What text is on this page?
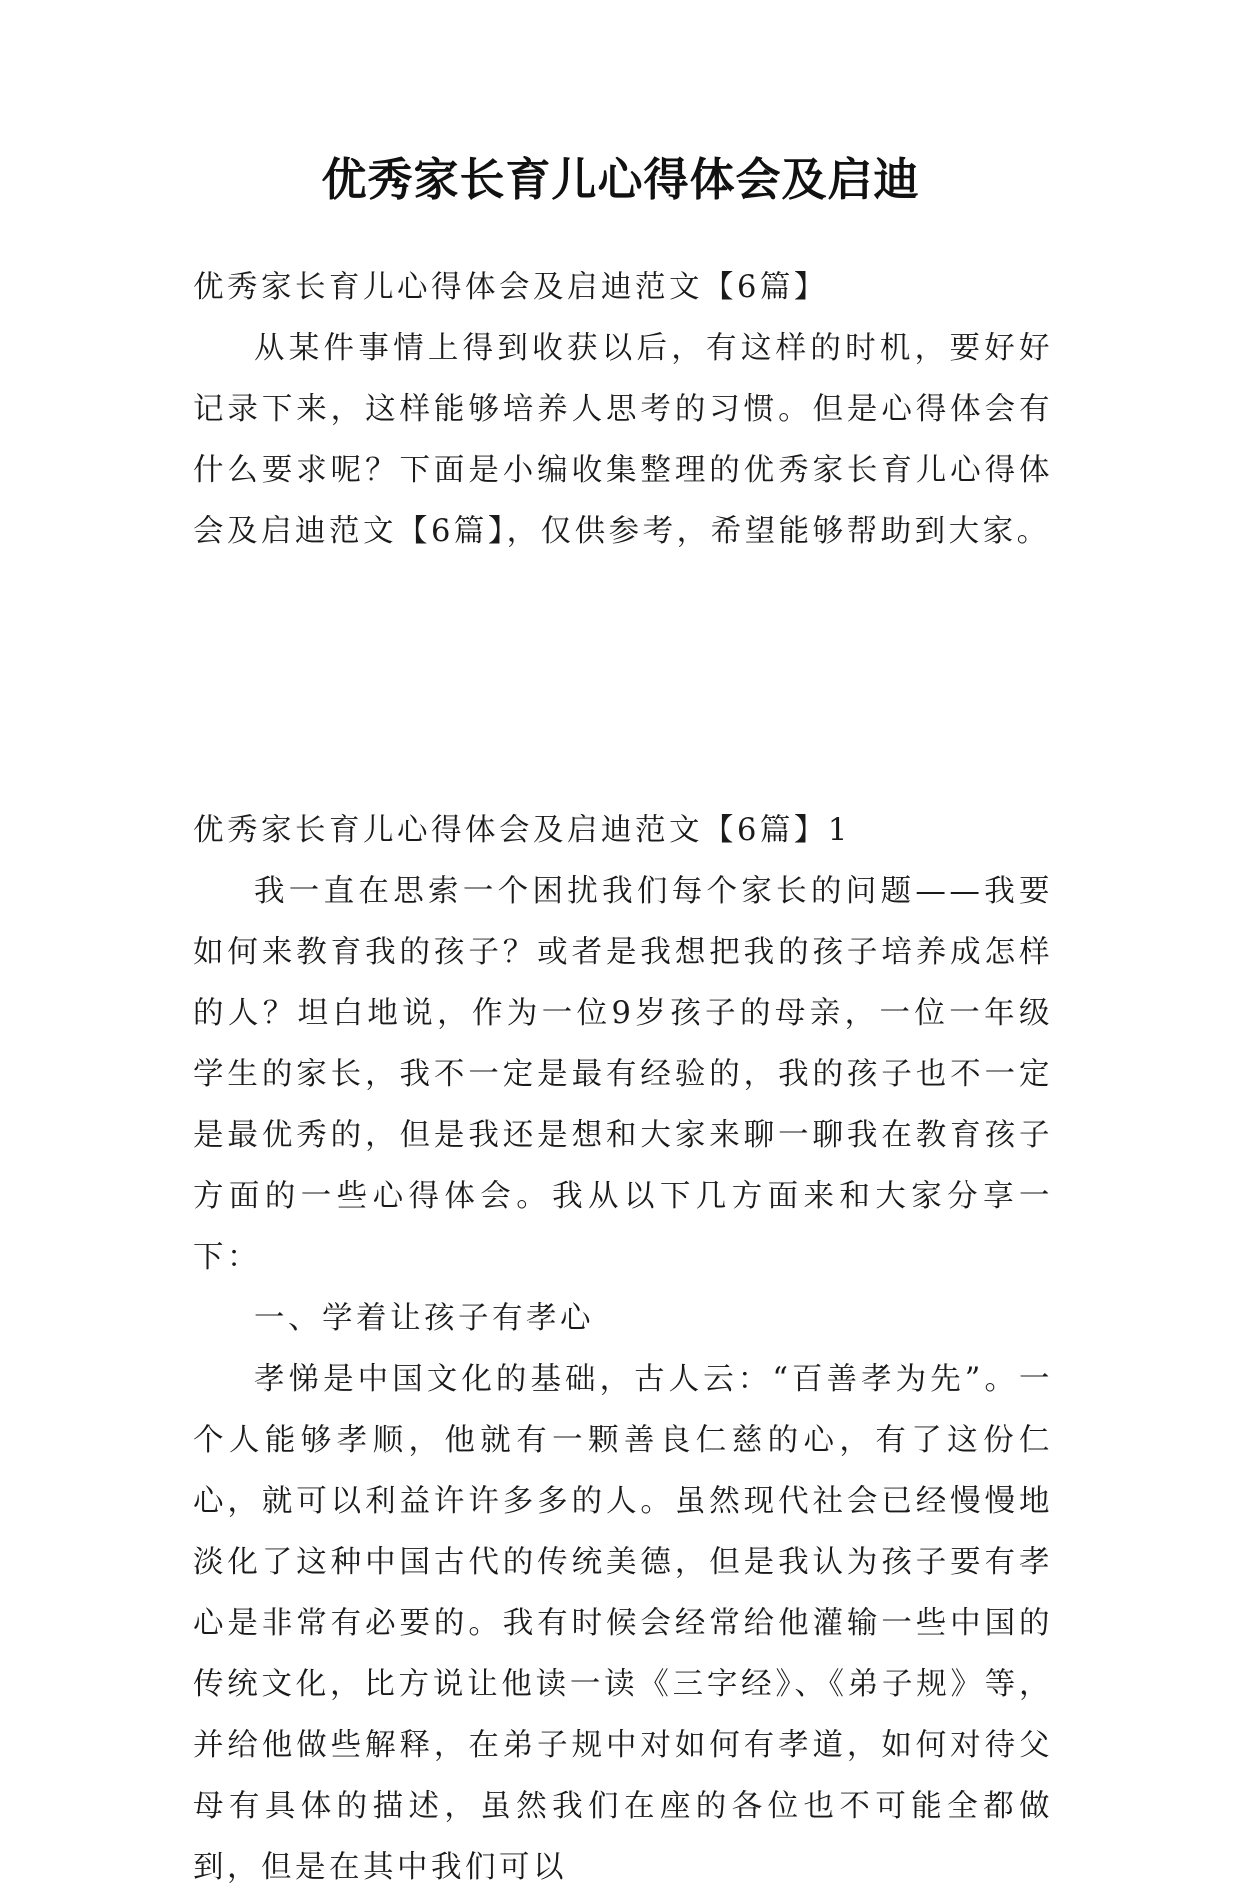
优秀家长育儿心得体会及启迪

优秀家长育儿心得体会及启迪范文【6篇】

从某件事情上得到收获以后，有这样的时机，要好好记录下来，这样能够培养人思考的习惯。但是心得体会有什么要求呢？下面是小编收集整理的优秀家长育儿心得体会及启迪范文【6篇】，仅供参考，希望能够帮助到大家。

优秀家长育儿心得体会及启迪范文【6篇】1

我一直在思索一个困扰我们每个家长的问题——我要如何来教育我的孩子？或者是我想把我的孩子培养成怎样的人？坦白地说，作为一位9岁孩子的母亲，一位一年级学生的家长，我不一定是最有经验的，我的孩子也不一定是最优秀的，但是我还是想和大家来聊一聊我在教育孩子方面的一些心得体会。我从以下几方面来和大家分享一下：

一、学着让孩子有孝心

孝悌是中国文化的基础，古人云：“百善孝为先”。一个人能够孝顺，他就有一颗善良仁慈的心，有了这份仁心，就可以利益许许多多的人。虽然现代社会已经慢慢地淡化了这种中国古代的传统美德，但是我认为孩子要有孝心是非常有必要的。我有时候会经常给他灌输一些中国的传统文化，比方说让他读一读《三字经》、《弟子规》等，并给他做些解释，在弟子规中对如何有孝道，如何对待父母有具体的描述，虽然我们在座的各位也不可能全都做到，但是在其中我们可以
